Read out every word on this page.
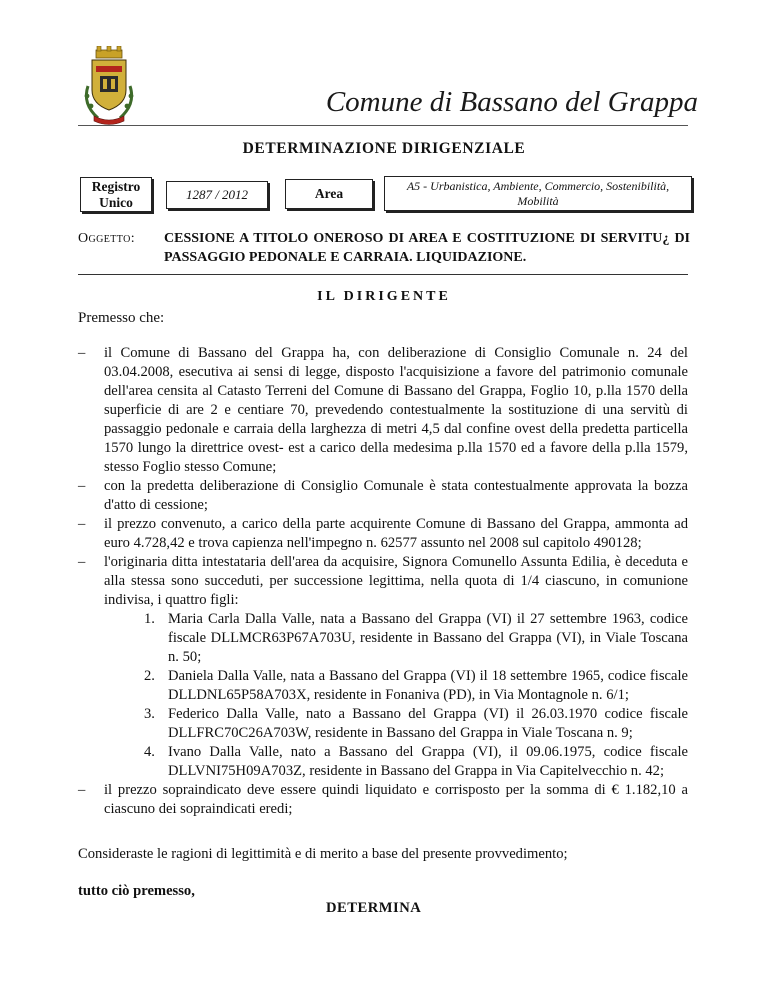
Comune di Bassano del Grappa
DETERMINAZIONE DIRIGENZIALE
Registro Unico	1287 / 2012	Area
A5 - Urbanistica, Ambiente, Commercio, Sostenibilità, Mobilità
Oggetto: CESSIONE A TITOLO ONEROSO DI AREA E COSTITUZIONE DI SERVITU¿ DI PASSAGGIO PEDONALE E CARRAIA. LIQUIDAZIONE.
IL DIRIGENTE
Premesso che:
– il Comune di Bassano del Grappa ha, con deliberazione di Consiglio Comunale n. 24 del 03.04.2008, esecutiva ai sensi di legge, disposto l'acquisizione a favore del patrimonio comunale dell'area censita al Catasto Terreni del Comune di Bassano del Grappa, Foglio 10, p.lla 1570 della superficie di are 2 e centiare 70, prevedendo contestualmente la sostituzione di una servitù di passaggio pedonale e carraia della larghezza di metri 4,5 dal confine ovest della predetta particella 1570 lungo la direttrice ovest- est a carico della medesima p.lla 1570 ed a favore della p.lla 1579, stesso Foglio stesso Comune;
– con la predetta deliberazione di Consiglio Comunale è stata contestualmente approvata la bozza d'atto di cessione;
– il prezzo convenuto, a carico della parte acquirente Comune di Bassano del Grappa, ammonta ad euro 4.728,42 e trova capienza nell'impegno n. 62577 assunto nel 2008 sul capitolo 490128;
– l'originaria ditta intestataria dell'area da acquisire, Signora Comunello Assunta Edilia, è deceduta e alla stessa sono succeduti, per successione legittima, nella quota di 1/4 ciascuno, in comunione indivisa, i quattro figli:
1. Maria Carla Dalla Valle, nata a Bassano del Grappa (VI) il 27 settembre 1963, codice fiscale DLLMCR63P67A703U, residente in Bassano del Grappa (VI), in Viale Toscana n. 50;
2. Daniela Dalla Valle, nata a Bassano del Grappa (VI) il 18 settembre 1965, codice fiscale DLLDNL65P58A703X, residente in Fonaniva (PD), in Via Montagnole n. 6/1;
3. Federico Dalla Valle, nato a Bassano del Grappa (VI) il 26.03.1970 codice fiscale DLLFRC70C26A703W, residente in Bassano del Grappa in Viale Toscana n. 9;
4. Ivano Dalla Valle, nato a Bassano del Grappa (VI), il 09.06.1975, codice fiscale DLLVNI75H09A703Z, residente in Bassano del Grappa in Via Capitelvecchio n. 42;
– il prezzo sopraindicato deve essere quindi liquidato e corrisposto per la somma di € 1.182,10 a ciascuno dei sopraindicati eredi;
Consideraste le ragioni di legittimità e di merito a base del presente provvedimento;
tutto ciò premesso,
DETERMINA
